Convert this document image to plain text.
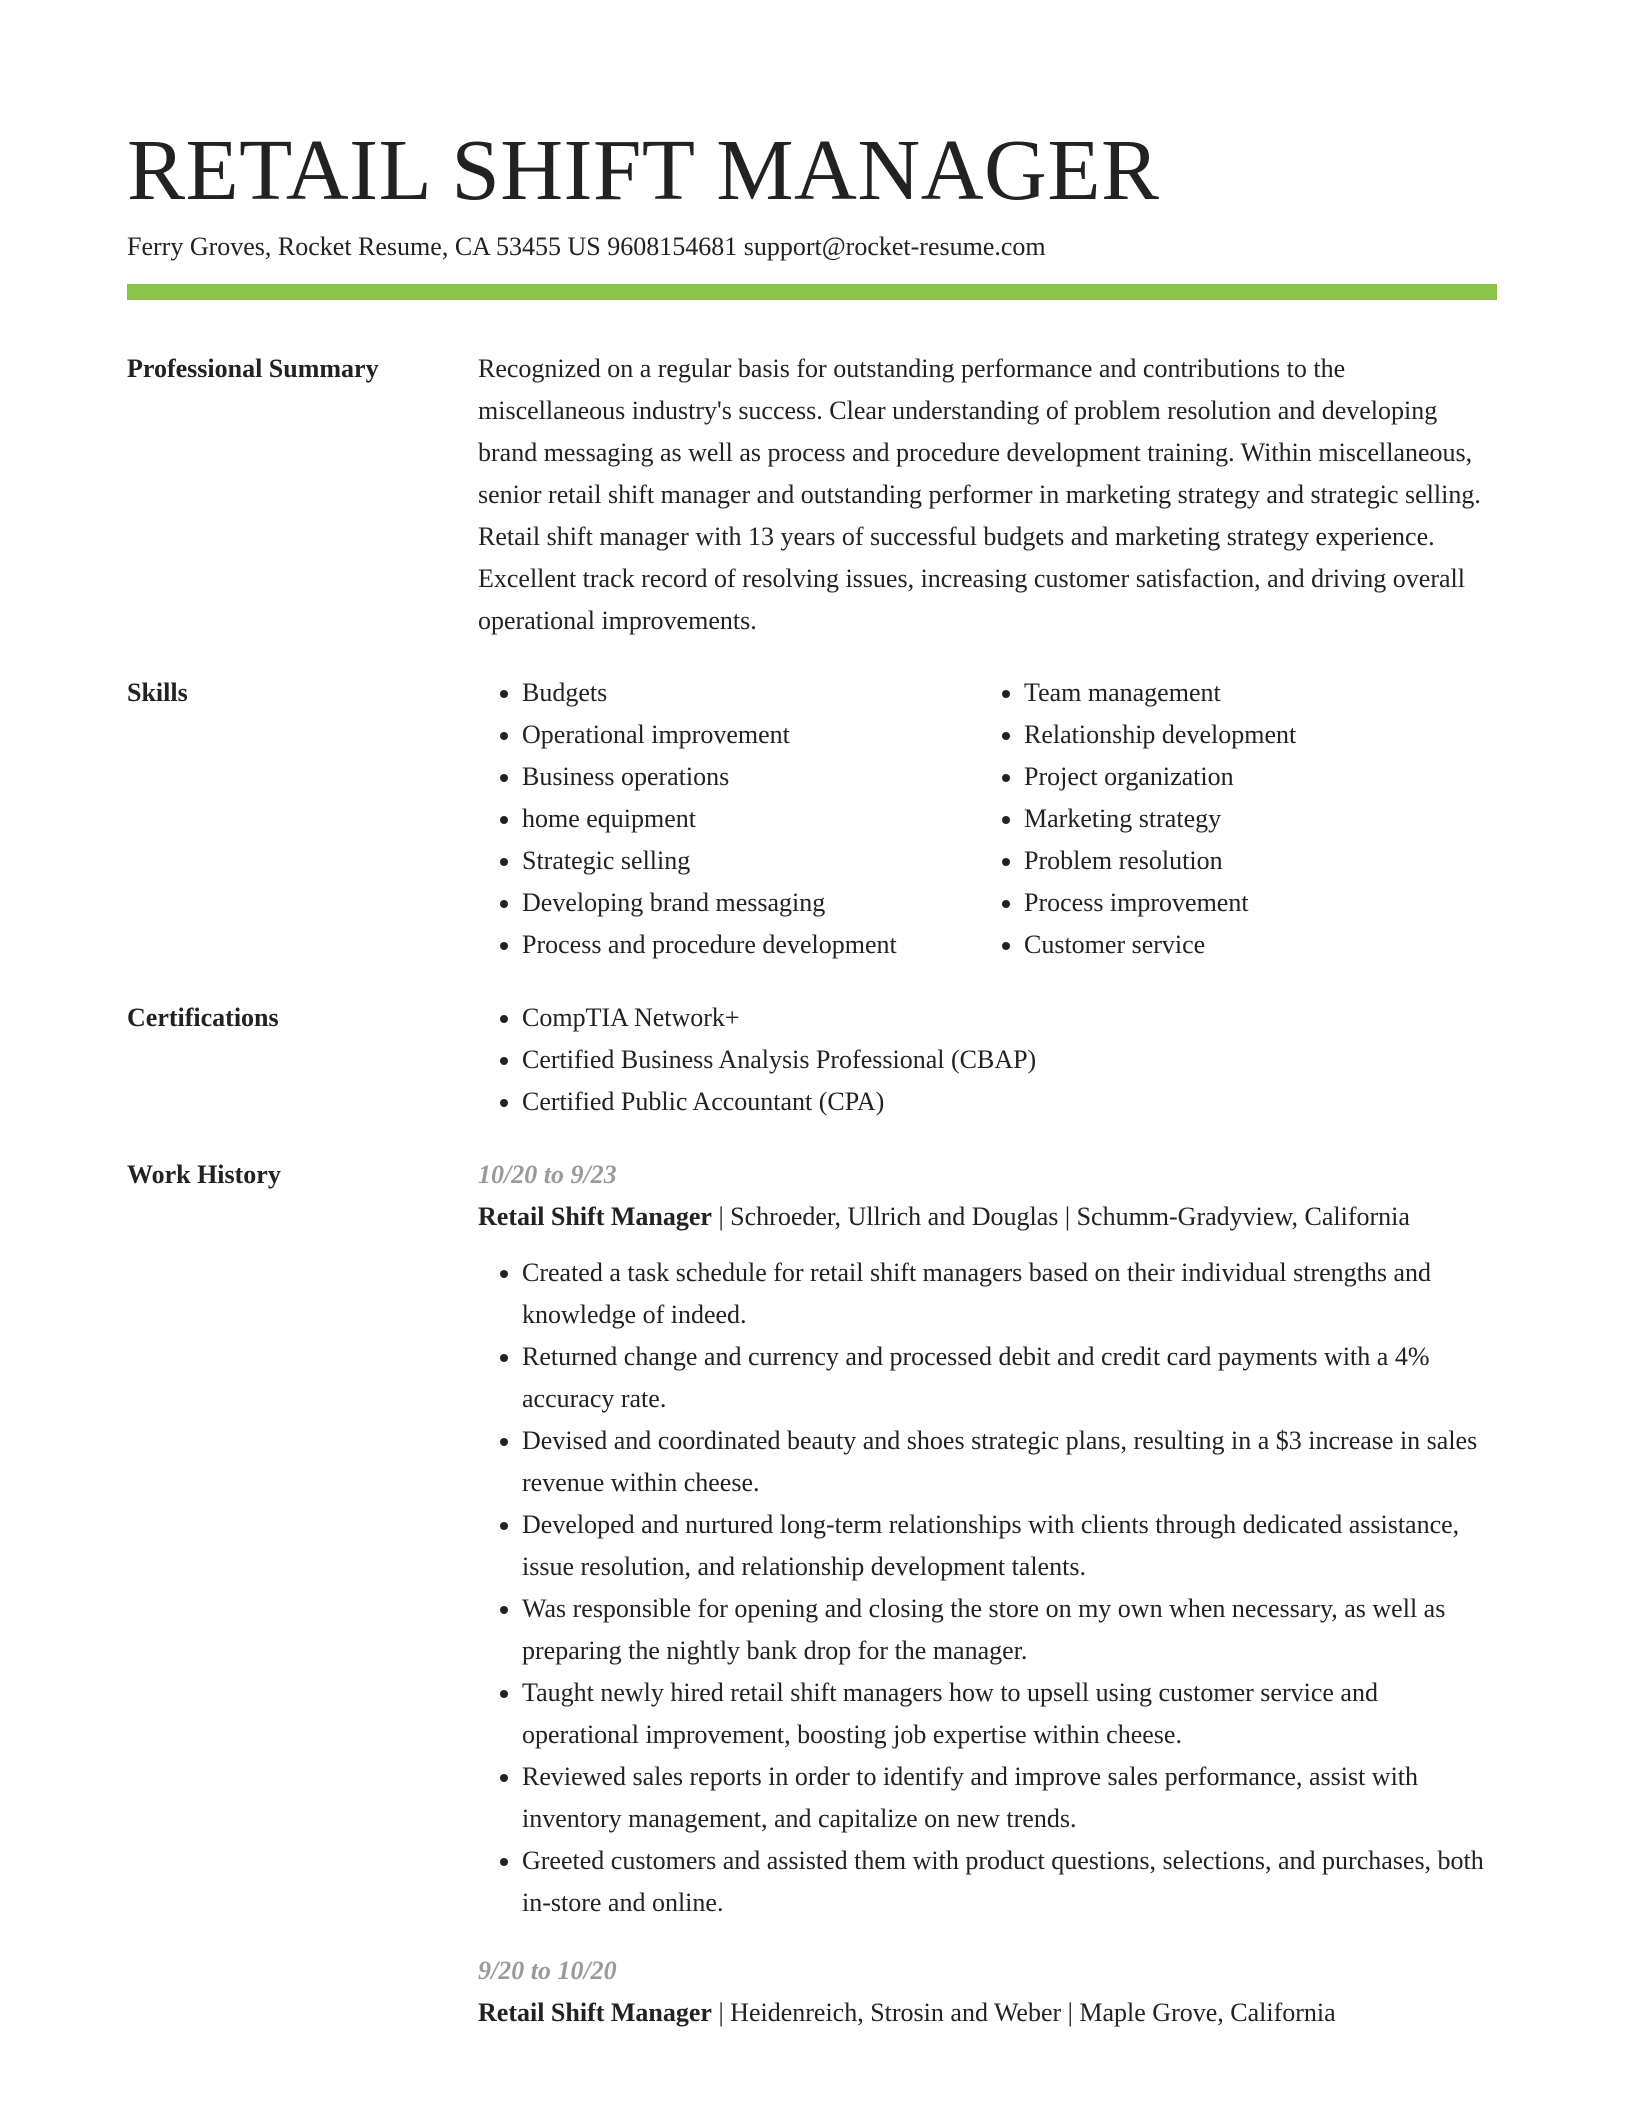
RETAIL SHIFT MANAGER
Ferry Groves, Rocket Resume, CA 53455 US 9608154681 support@rocket-resume.com
Professional Summary	Recognized on a regular basis for outstanding performance and contributions to the miscellaneous industry's success. Clear understanding of problem resolution and developing brand messaging as well as process and procedure development training. Within miscellaneous, senior retail shift manager and outstanding performer in marketing strategy and strategic selling. Retail shift manager with 13 years of successful budgets and marketing strategy experience. Excellent track record of resolving issues, increasing customer satisfaction, and driving overall operational improvements.

Skills	• Budgets
• Operational improvement
• Business operations
• home equipment
• Strategic selling
• Developing brand messaging
• Process and procedure development
• Team management
• Relationship development
• Project organization
• Marketing strategy
• Problem resolution
• Process improvement
• Customer service
Certifications	• CompTIA Network+
• Certified Business Analysis Professional (CBAP)
• Certified Public Accountant (CPA)
Work History	10/20 to 9/23

Retail Shift Manager | Schroeder, Ullrich and Douglas | Schumm-Gradyview, California

• Created a task schedule for retail shift managers based on their individual strengths and knowledge of indeed.
• Returned change and currency and processed debit and credit card payments with a 4% accuracy rate.
• Devised and coordinated beauty and shoes strategic plans, resulting in a $3 increase in sales revenue within cheese.
• Developed and nurtured long-term relationships with clients through dedicated assistance, issue resolution, and relationship development talents.
• Was responsible for opening and closing the store on my own when necessary, as well as preparing the nightly bank drop for the manager.
• Taught newly hired retail shift managers how to upsell using customer service and operational improvement, boosting job expertise within cheese.
• Reviewed sales reports in order to identify and improve sales performance, assist with inventory management, and capitalize on new trends.
• Greeted customers and assisted them with product questions, selections, and purchases, both in-store and online.

9/20 to 10/20

Retail Shift Manager | Heidenreich, Strosin and Weber | Maple Grove, California
